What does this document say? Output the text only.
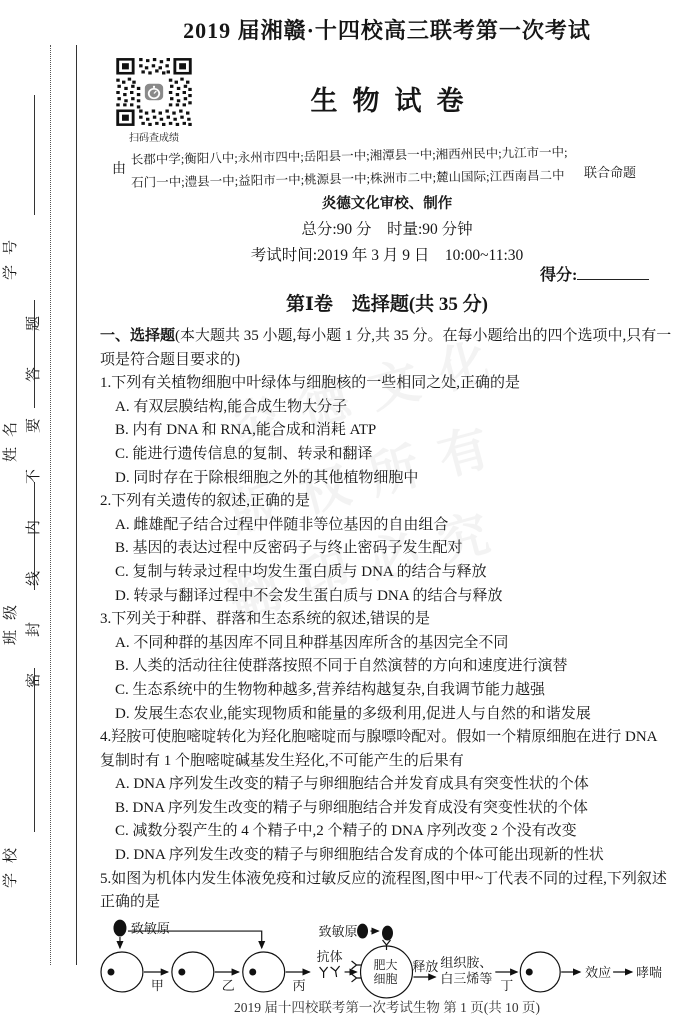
学号
姓名
班级
学校
密封线内不要答题
2019 届湘赣·十四校高三联考第一次考试
扫码查成绩
生物试卷
由
长郡中学;衡阳八中;永州市四中;岳阳县一中;湘潭县一中;湘西州民中;九江市一中;
石门一中;澧县一中;益阳市一中;桃源县一中;株洲市二中;麓山国际;江西南昌二中	联合命题
炎德文化审校、制作
总分:90 分　时量:90 分钟
考试时间:2019 年 3 月 9 日　10:00~11:30
得分:
第Ⅰ卷　选择题(共 35 分)
一、选择题(本大题共 35 小题,每小题 1 分,共 35 分。在每小题给出的四个选项中,只有一项是符合题目要求的)
1.下列有关植物细胞中叶绿体与细胞核的一些相同之处,正确的是
A. 有双层膜结构,能合成生物大分子
B. 内有 DNA 和 RNA,能合成和消耗 ATP
C. 能进行遗传信息的复制、转录和翻译
D. 同时存在于除根细胞之外的其他植物细胞中
2.下列有关遗传的叙述,正确的是
A. 雌雄配子结合过程中伴随非等位基因的自由组合
B. 基因的表达过程中反密码子与终止密码子发生配对
C. 复制与转录过程中均发生蛋白质与 DNA 的结合与释放
D. 转录与翻译过程中不会发生蛋白质与 DNA 的结合与释放
3.下列关于种群、群落和生态系统的叙述,错误的是
A. 不同种群的基因库不同且种群基因库所含的基因完全不同
B. 人类的活动往往使群落按照不同于自然演替的方向和速度进行演替
C. 生态系统中的生物物种越多,营养结构越复杂,自我调节能力越强
D. 发展生态农业,能实现物质和能量的多级利用,促进人与自然的和谐发展
4.羟胺可使胞嘧啶转化为羟化胞嘧啶而与腺嘌呤配对。假如一个精原细胞在进行 DNA 复制时有 1 个胞嘧啶碱基发生羟化,不可能产生的后果有
A. DNA 序列发生改变的精子与卵细胞结合并发育成具有突变性状的个体
B. DNA 序列发生改变的精子与卵细胞结合并发育成没有突变性状的个体
C. 减数分裂产生的 4 个精子中,2 个精子的 DNA 序列改变 2 个没有改变
D. DNA 序列发生改变的精子与卵细胞结合发育成的个体可能出现新的性状
5.如图为机体内发生体液免疫和过敏反应的流程图,图中甲~丁代表不同的过程,下列叙述正确的是
致敏原
甲	乙	丙
抗体
致敏原
肥大
细胞
释放 组织胺、
白三烯等 丁
效应 哮喘
2019 届十四校联考第一次考试生物 第 1 页(共 10 页)
